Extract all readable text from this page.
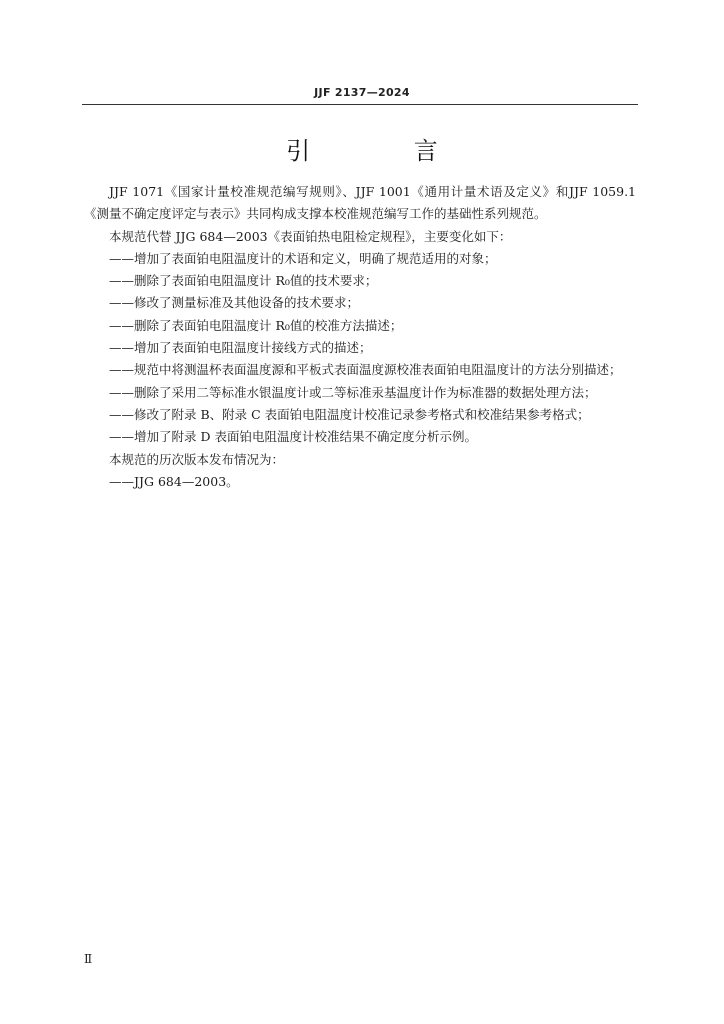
JJF 2137—2024
引 言

JJF 1071《国家计量校准规范编写规则》、JJF 1001《通用计量术语及定义》和JJF 1059.1《测量不确定度评定与表示》共同构成支撑本校准规范编写工作的基础性系列规范。

本规范代替 JJG 684—2003《表面铂热电阻检定规程》，主要变化如下：

——增加了表面铂电阻温度计的术语和定义，明确了规范适用的对象；

——删除了表面铂电阻温度计 R₀值的技术要求；

——修改了测量标准及其他设备的技术要求；

——删除了表面铂电阻温度计 R₀值的校准方法描述；

——增加了表面铂电阻温度计接线方式的描述；

——规范中将测温杯表面温度源和平板式表面温度源校准表面铂电阻温度计的方法分别描述；

——删除了采用二等标准水银温度计或二等标准汞基温度计作为标准器的数据处理方法；

——修改了附录 B、附录 C 表面铂电阻温度计校准记录参考格式和校准结果参考格式；

——增加了附录 D 表面铂电阻温度计校准结果不确定度分析示例。

本规范的历次版本发布情况为：

——JJG 684—2003。

Ⅱ
